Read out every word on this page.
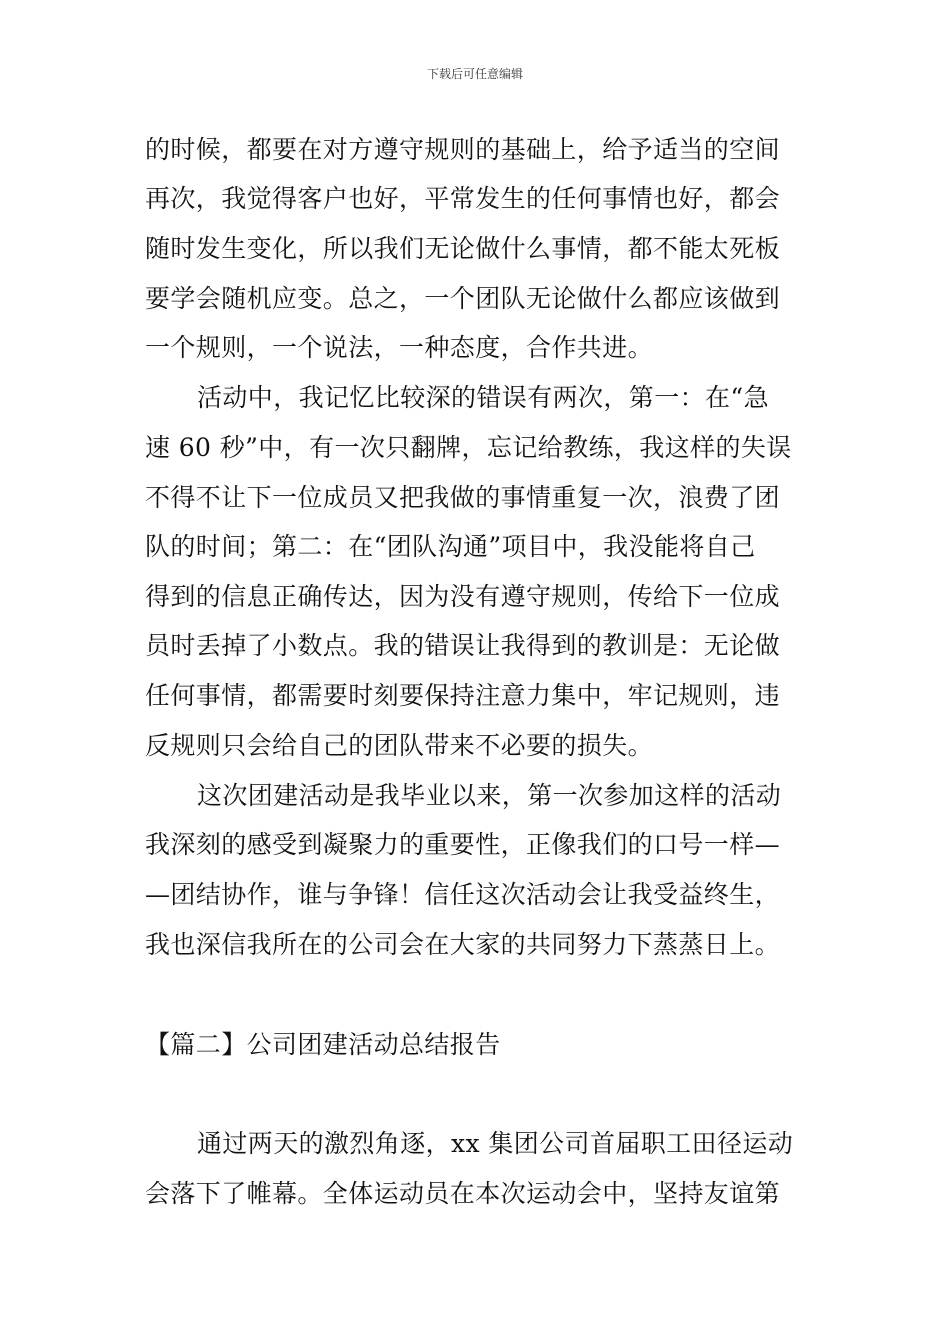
下载后可任意编辑
的时候，都要在对方遵守规则的基础上，给予适当的空间
再次，我觉得客户也好，平常发生的任何事情也好，都会
随时发生变化，所以我们无论做什么事情，都不能太死板
要学会随机应变。总之，一个团队无论做什么都应该做到
一个规则，一个说法，一种态度，合作共进。
活动中，我记忆比较深的错误有两次，第一：在“急
速 60 秒”中，有一次只翻牌，忘记给教练，我这样的失误
不得不让下一位成员又把我做的事情重复一次，浪费了团
队的时间；第二：在“团队沟通”项目中，我没能将自己
得到的信息正确传达，因为没有遵守规则，传给下一位成
员时丢掉了小数点。我的错误让我得到的教训是：无论做
任何事情，都需要时刻要保持注意力集中，牢记规则，违
反规则只会给自己的团队带来不必要的损失。
这次团建活动是我毕业以来，第一次参加这样的活动
我深刻的感受到凝聚力的重要性，正像我们的口号一样—
—团结协作，谁与争锋！信任这次活动会让我受益终生，
我也深信我所在的公司会在大家的共同努力下蒸蒸日上。
【篇二】公司团建活动总结报告
通过两天的激烈角逐，xx 集团公司首届职工田径运动
会落下了帷幕。全体运动员在本次运动会中，坚持友谊第
